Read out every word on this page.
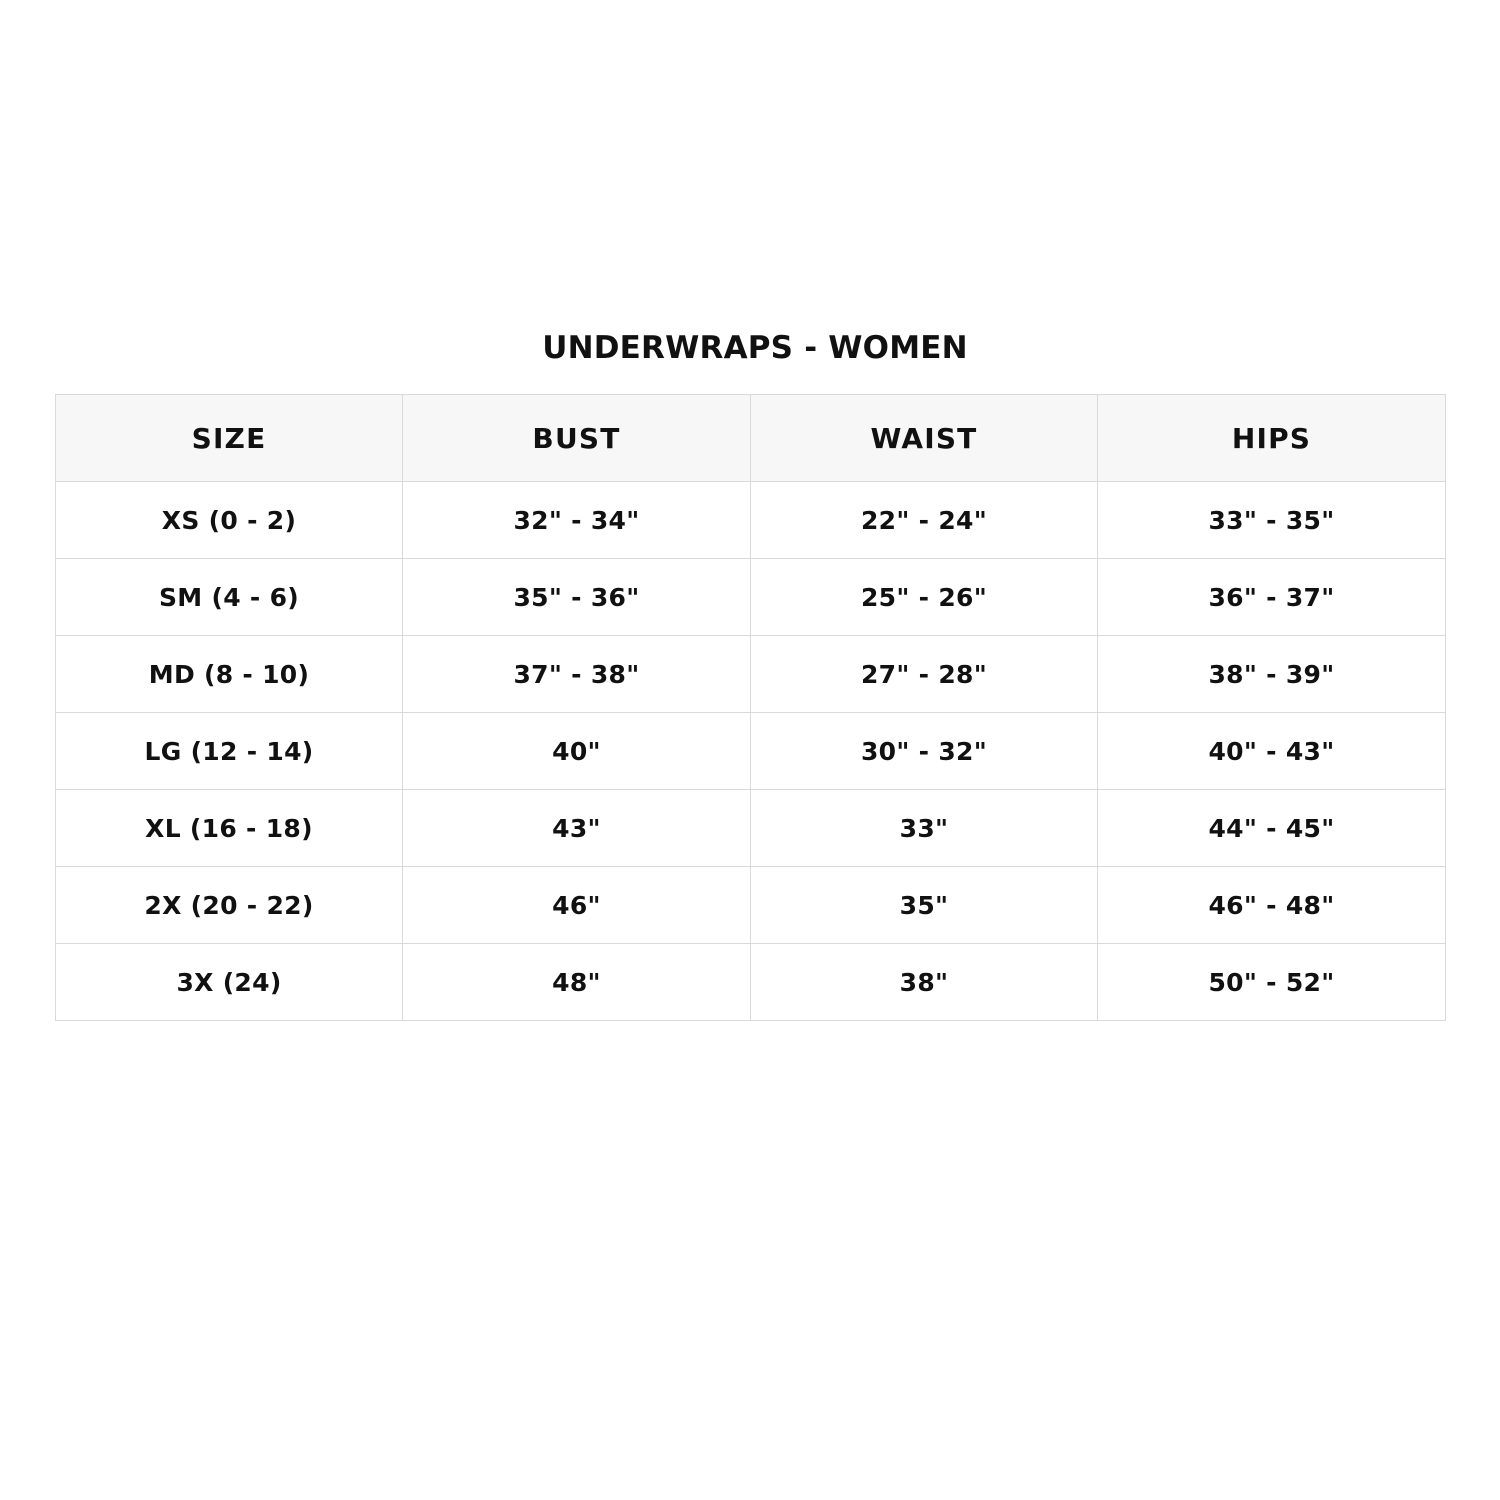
UNDERWRAPS - WOMEN
SIZE	BUST	WAIST	HIPS
XS (0 - 2)	32" - 34"	22" - 24"	33" - 35"
SM (4 - 6)	35" - 36"	25" - 26"	36" - 37"
MD (8 - 10)	37" - 38"	27" - 28"	38" - 39"
LG (12 - 14)	40"	30" - 32"	40" - 43"
XL (16 - 18)	43"	33"	44" - 45"
2X (20 - 22)	46"	35"	46" - 48"
3X (24)	48"	38"	50" - 52"
